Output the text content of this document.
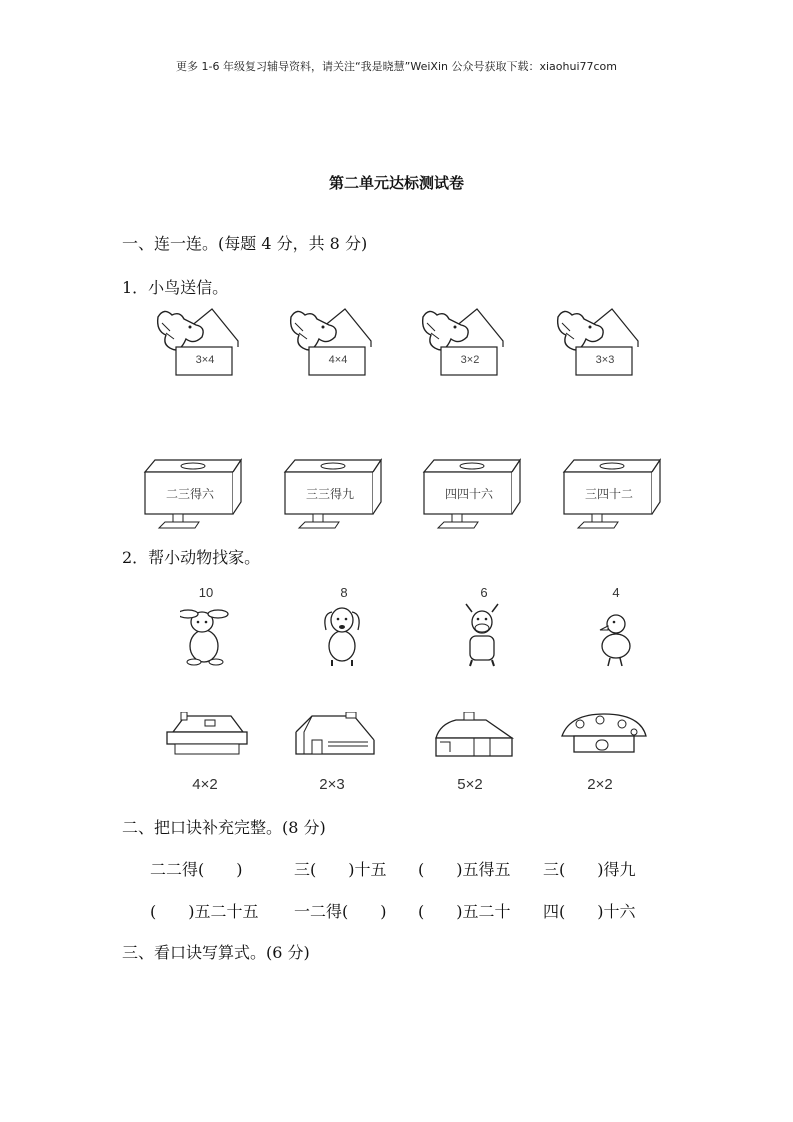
更多 1-6 年级复习辅导资料，请关注“我是晓慧”WeiXin 公众号获取下载：xiaohui77com
第二单元达标测试卷
一、连一连。(每题 4 分，共 8 分)
1．小鸟送信。
3×4	4×4	3×2	3×3
二三得六	三三得九	四四十六	三四十二
2．帮小动物找家。
10	8	6	4
4×2	2×3	5×2	2×2
二、把口诀补充完整。(8 分)
二二得(　　)	三(　　)十五 (　　)五得五 三(　　)得九
(　　)五二十五 一二得(　　) (　　)五二十 四(　　)十六
三、看口诀写算式。(6 分)
